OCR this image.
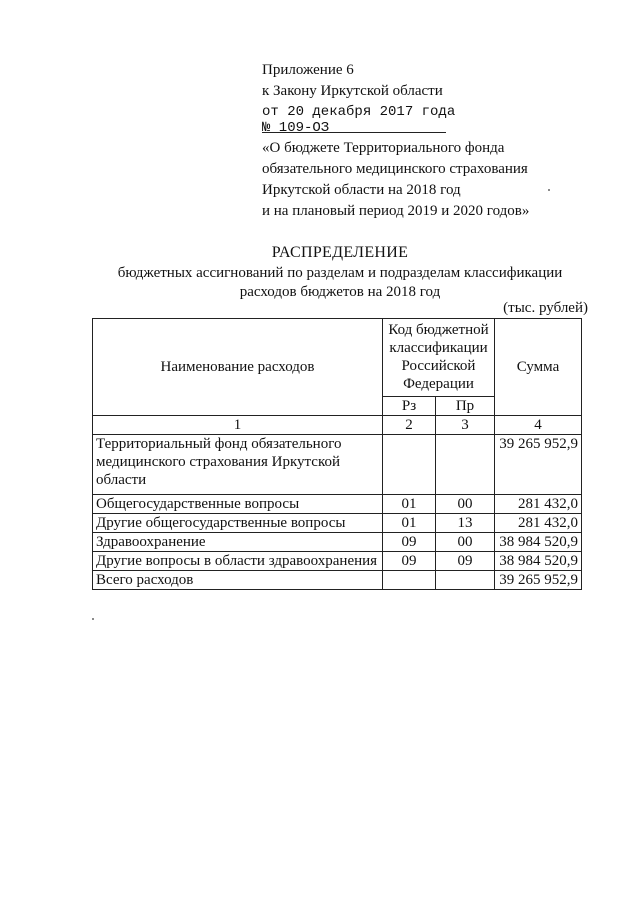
Приложение 6
к Закону Иркутской области
от 20 декабря 2017 года
№ 109-ОЗ
«О бюджете Территориального фонда
обязательного медицинского страхования
Иркутской области на 2018 год
и на плановый период 2019 и 2020 годов»
РАСПРЕДЕЛЕНИЕ
бюджетных ассигнований по разделам и подразделам классификации
расходов бюджетов на 2018 год
(тыс. рублей)
Наименование расходов	Код бюджетной классификации Российской Федерации		Сумма
	Рз	Пр	
1	2	3	4
Территориальный фонд обязательного медицинского страхования Иркутской области			39 265 952,9
Общегосударственные вопросы	01	00	281 432,0
Другие общегосударственные вопросы	01	13	281 432,0
Здравоохранение	09	00	38 984 520,9
Другие вопросы в области здравоохранения	09	09	38 984 520,9
Всего расходов			39 265 952,9
